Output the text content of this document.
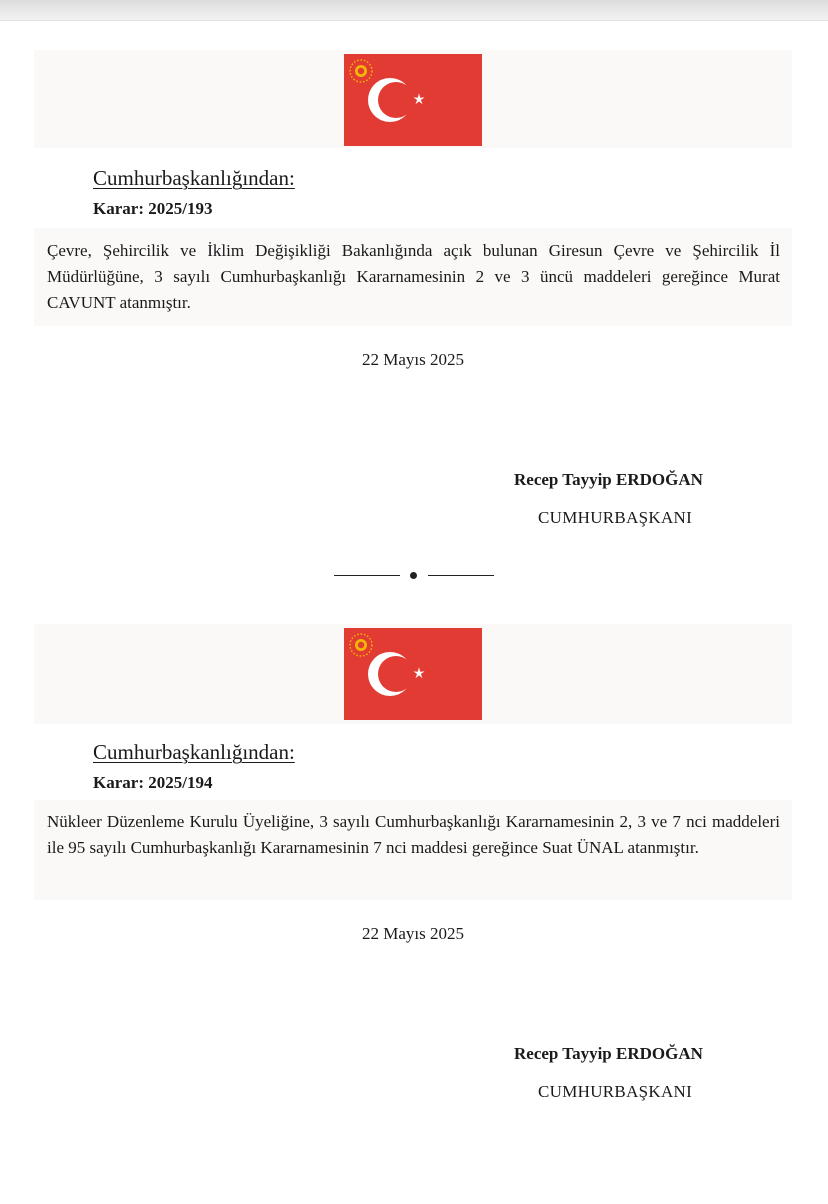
Cumhurbaşkanlığından:
Karar: 2025/193
Çevre, Şehircilik ve İklim Değişikliği Bakanlığında açık bulunan Giresun Çevre ve Şehircilik İl Müdürlüğüne, 3 sayılı Cumhurbaşkanlığı Kararnamesinin 2 ve 3 üncü maddeleri gereğince Murat CAVUNT atanmıştır.
22 Mayıs 2025
Recep Tayyip ERDOĞAN
CUMHURBAŞKANI
Cumhurbaşkanlığından:
Karar: 2025/194
Nükleer Düzenleme Kurulu Üyeliğine, 3 sayılı Cumhurbaşkanlığı Kararnamesinin 2, 3 ve 7 nci maddeleri ile 95 sayılı Cumhurbaşkanlığı Kararnamesinin 7 nci maddesi gereğince Suat ÜNAL atanmıştır.
22 Mayıs 2025
Recep Tayyip ERDOĞAN
CUMHURBAŞKANI
